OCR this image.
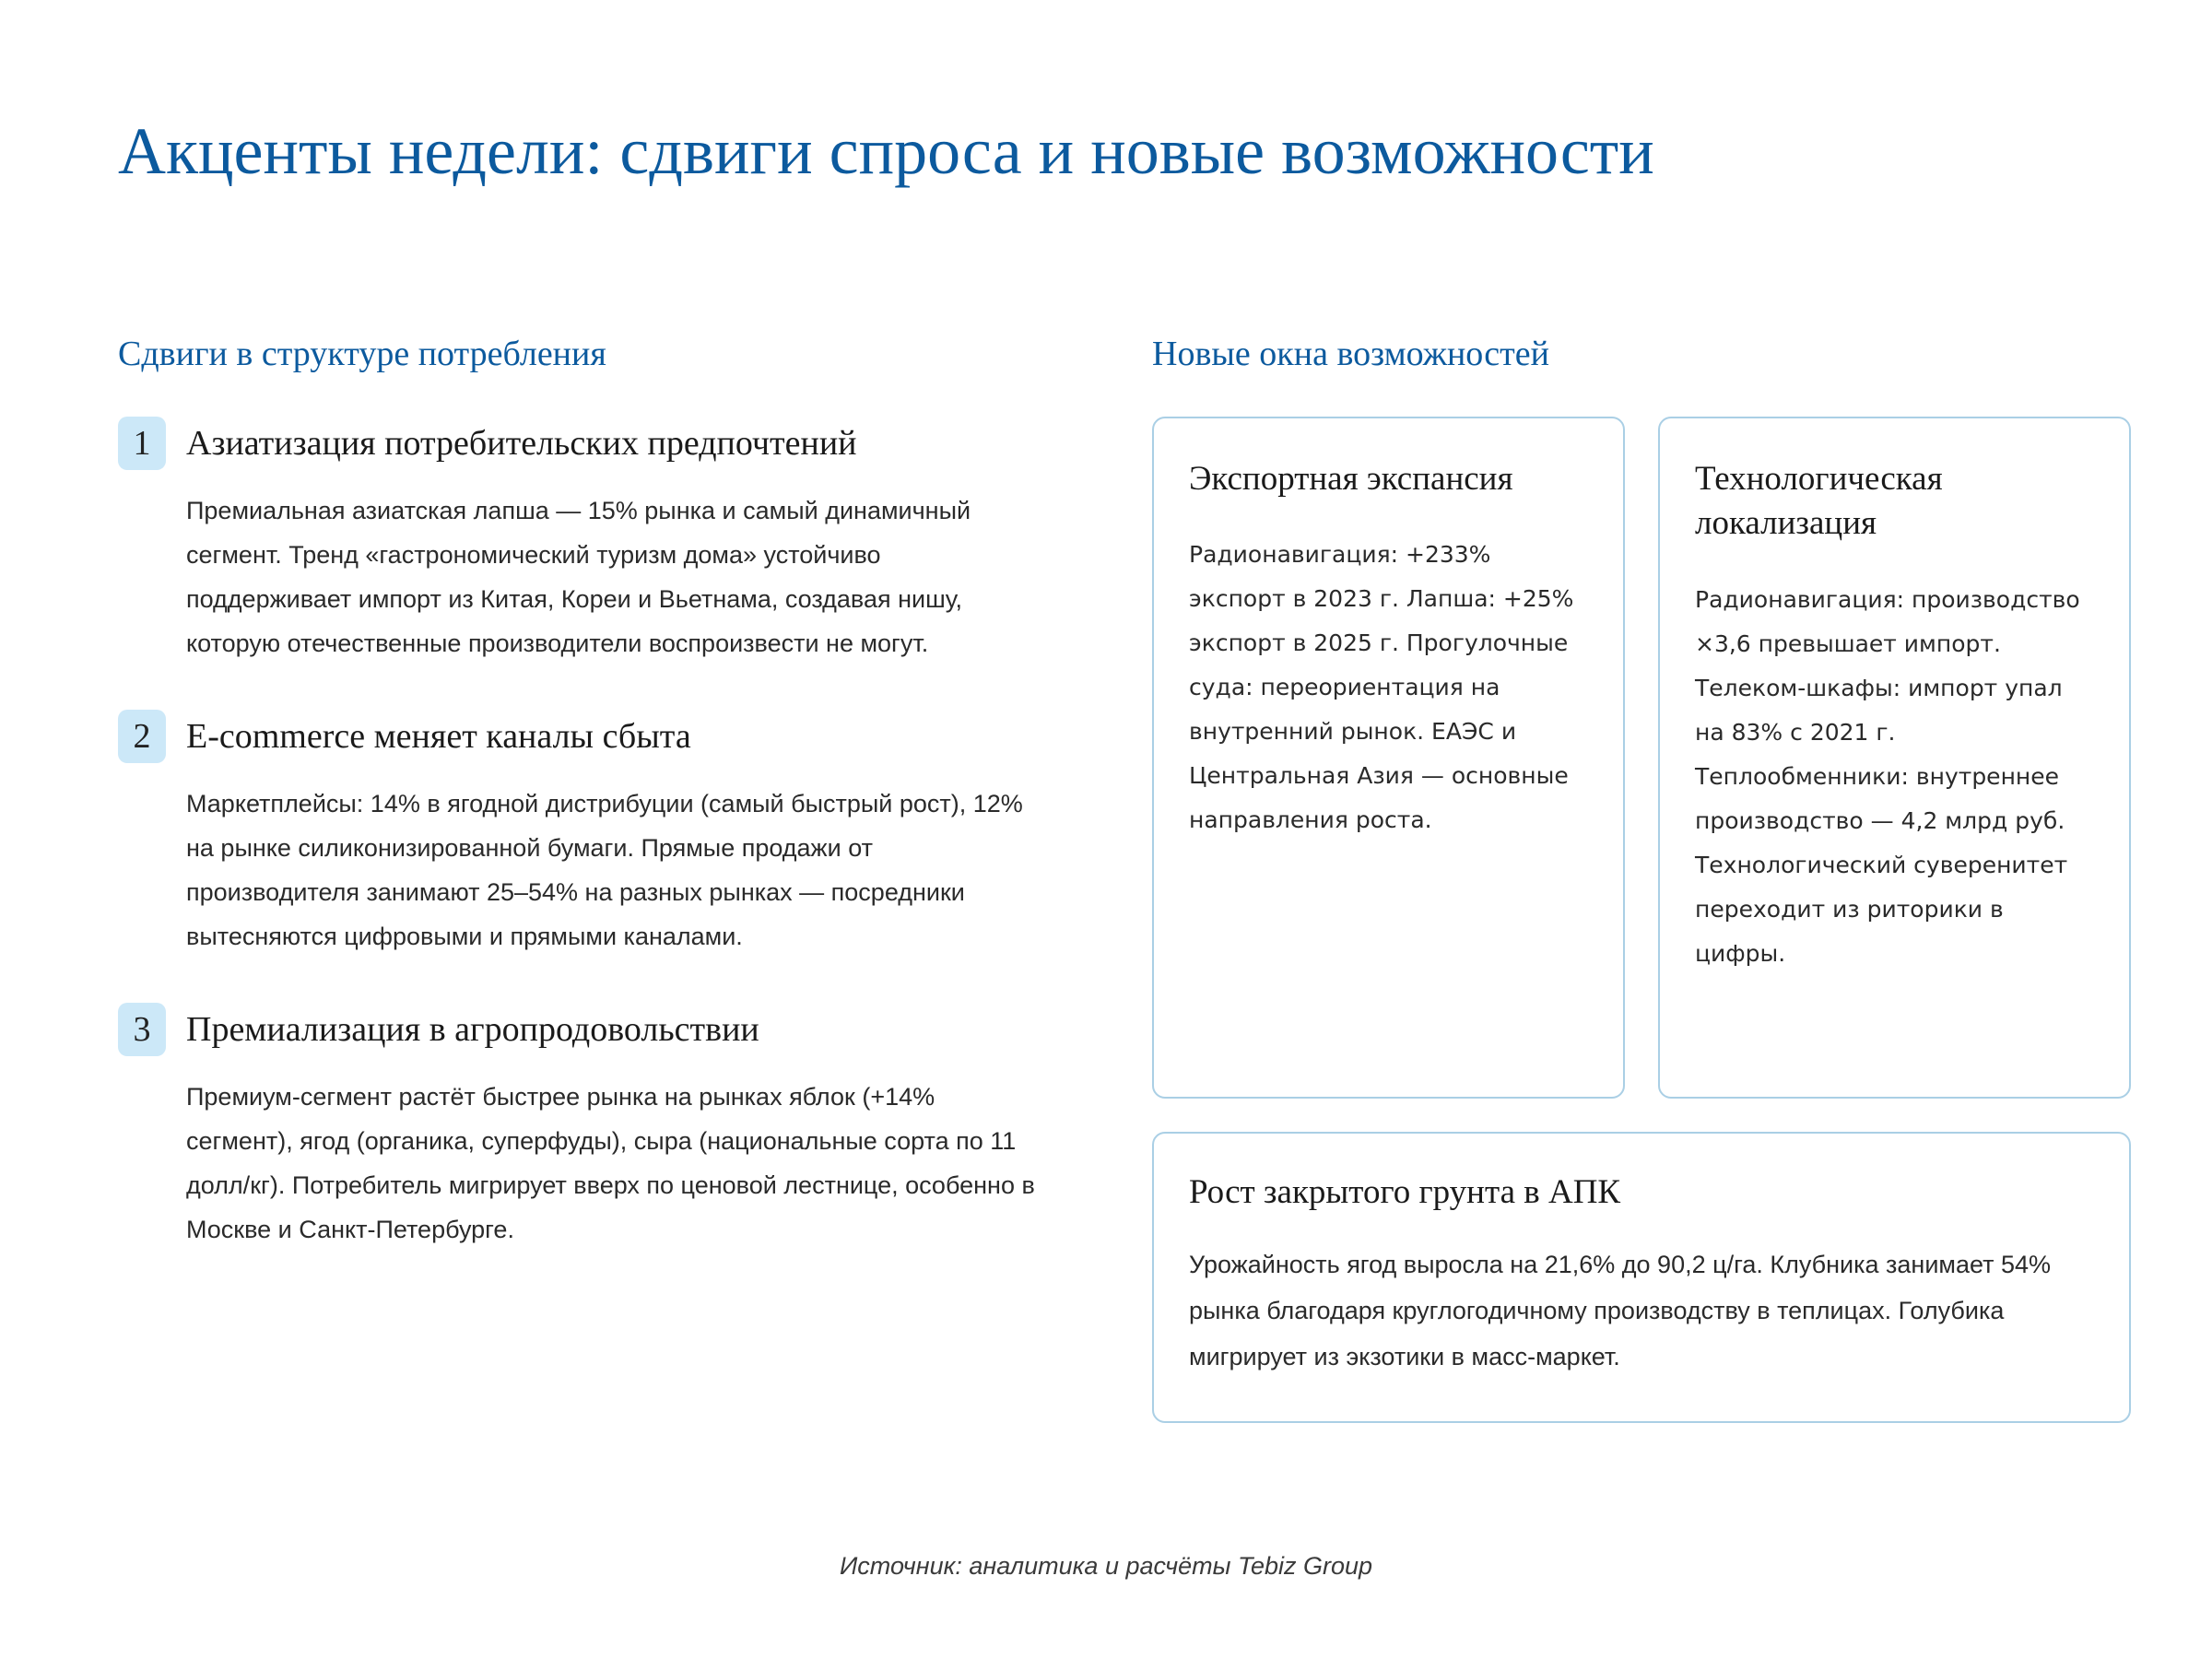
Акценты недели: сдвиги спроса и новые возможности
Сдвиги в структуре потребления
1	Азиатизация потребительских предпочтений

Премиальная азиатская лапша — 15% рынка и самый динамичный сегмент. Тренд «гастрономический туризм дома» устойчиво поддерживает импорт из Китая, Кореи и Вьетнама, создавая нишу, которую отечественные производители воспроизвести не могут.

2	E-commerce меняет каналы сбыта

Маркетплейсы: 14% в ягодной дистрибуции (самый быстрый рост), 12% на рынке силиконизированной бумаги. Прямые продажи от производителя занимают 25–54% на разных рынках — посредники вытесняются цифровыми и прямыми каналами.

3	Премиализация в агропродовольствии

Премиум-сегмент растёт быстрее рынка на рынках яблок (+14% сегмент), ягод (органика, суперфуды), сыра (национальные сорта по 11 долл/кг). Потребитель мигрирует вверх по ценовой лестнице, особенно в Москве и Санкт-Петербурге.

Новые окна возможностей
Экспортная экспансия

Радионавигация: +233% экспорт в 2023 г. Лапша: +25% экспорт в 2025 г. Прогулочные суда: переориентация на внутренний рынок. ЕАЭС и Центральная Азия — основные направления роста.

Технологическая локализация

Радионавигация: производство ×3,6 превышает импорт. Телеком-шкафы: импорт упал на 83% с 2021 г. Теплообменники: внутреннее производство — 4,2 млрд руб. Технологический суверенитет переходит из риторики в цифры.

Рост закрытого грунта в АПК

Урожайность ягод выросла на 21,6% до 90,2 ц/га. Клубника занимает 54% рынка благодаря круглогодичному производству в теплицах. Голубика мигрирует из экзотики в масс-маркет.

Источник: аналитика и расчёты Tebiz Group
